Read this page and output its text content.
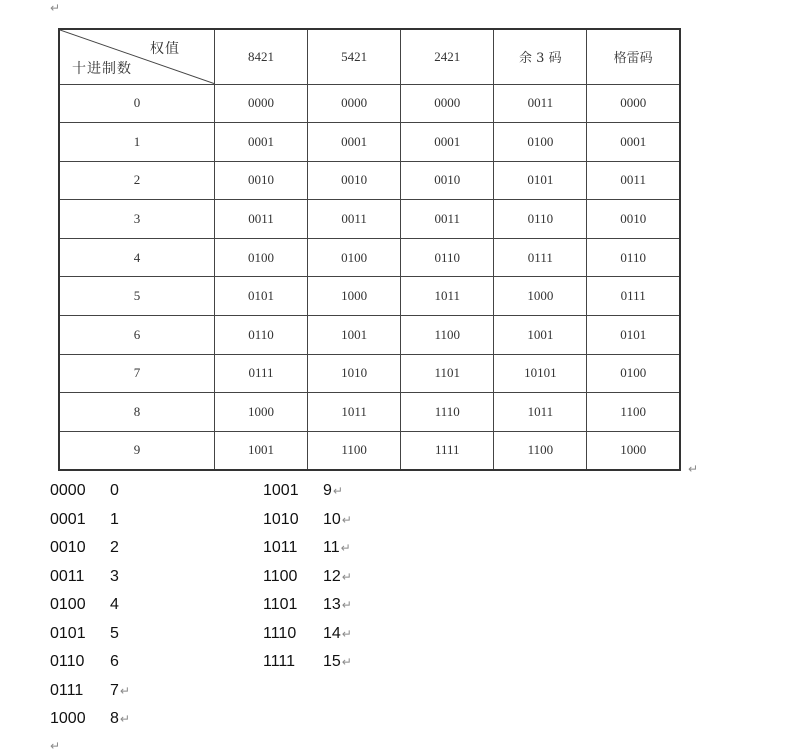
↵
权值
十进制数	8421	5421	2421	余 3 码	格雷码
0	0000	0000	0000	0011	0000
1	0001	0001	0001	0100	0001
2	0010	0010	0010	0101	0011
3	0011	0011	0011	0110	0010
4	0100	0100	0110	0111	0110
5	0101	1000	1011	1000	0111
6	0110	1001	1100	1001	0101
7	0111	1010	1101	10101	0100
8	1000	1011	1110	1011	1100
9	1001	1100	1111	1100	1000
↵
0000 0
0001 1
0010 2
0011 3
0100 4
0101 5
0110 6
0111 7↵
1000 8↵
1001 9↵
1010 10↵
1011 11↵
1100 12↵
1101 13↵
1110 14↵
1111 15↵
↵
